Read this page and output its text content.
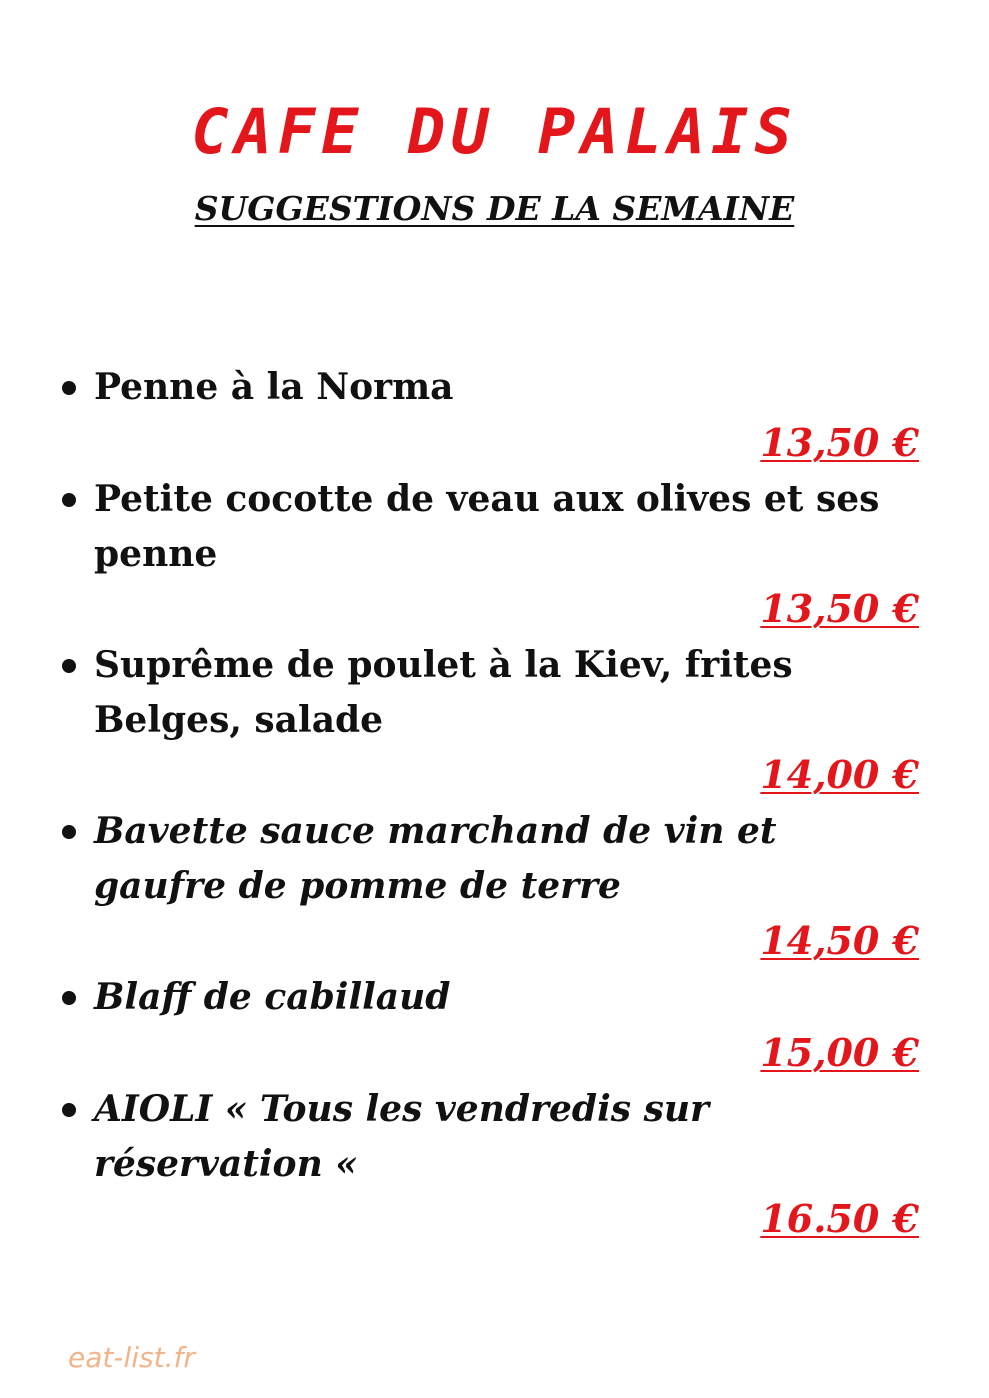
CAFE DU PALAIS
SUGGESTIONS DE LA SEMAINE

Penne à la Norma

13,50 €

Petite cocotte de veau aux olives et ses penne

13,50 €

Suprême de poulet à la Kiev, frites Belges, salade

14,00 €

Bavette sauce marchand de vin et gaufre de pomme de terre

14,50 €

Blaff de cabillaud

15,00 €

AIOLI « Tous les vendredis sur réservation «

16.50 €

eat-list.fr
